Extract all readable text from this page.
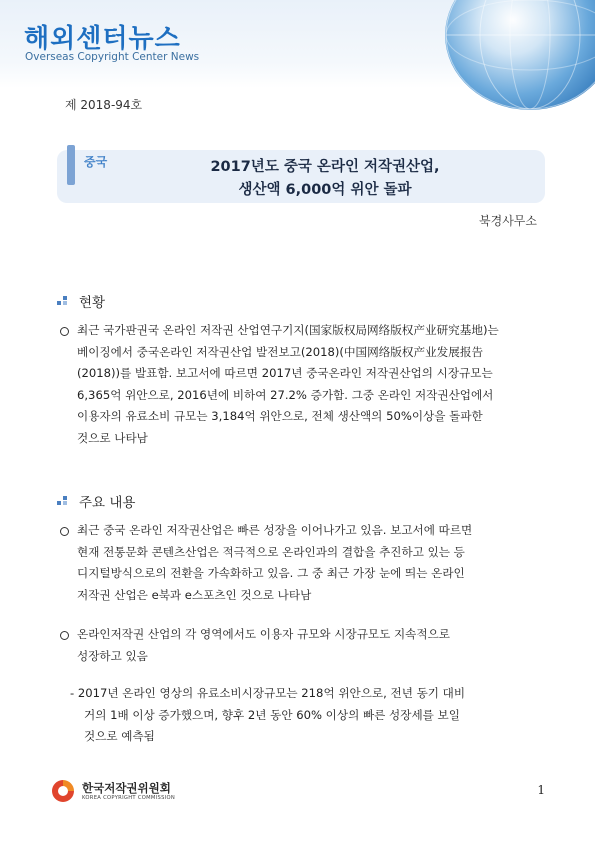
해외센터뉴스
Overseas Copyright Center News
제 2018-94호
중국	2017년도 중국 온라인 저작권산업,
생산액 6,000억 위안 돌파
북경사무소
현황
최근 국가판권국 온라인 저작권 산업연구기지(国家版权局网络版权产业研究基地)는
베이징에서 중국온라인 저작권산업 발전보고(2018)(中国网络版权产业发展报告
(2018))를 발표함. 보고서에 따르면 2017년 중국온라인 저작권산업의 시장규모는
6,365억 위안으로, 2016년에 비하여 27.2% 증가함. 그중 온라인 저작권산업에서
이용자의 유료소비 규모는 3,184억 위안으로, 전체 생산액의 50%이상을 돌파한
것으로 나타남
주요 내용
최근 중국 온라인 저작권산업은 빠른 성장을 이어나가고 있음. 보고서에 따르면
현재 전통문화 콘텐츠산업은 적극적으로 온라인과의 결합을 추진하고 있는 등
디지털방식으로의 전환을 가속화하고 있음. 그 중 최근 가장 눈에 띄는 온라인
저작권 산업은 e북과 e스포츠인 것으로 나타남
온라인저작권 산업의 각 영역에서도 이용자 규모와 시장규모도 지속적으로
성장하고 있음
- 2017년 온라인 영상의 유료소비시장규모는 218억 위안으로, 전년 동기 대비
거의 1배 이상 증가했으며, 향후 2년 동안 60% 이상의 빠른 성장세를 보일
것으로 예측됨
한국저작권위원회
KOREA COPYRIGHT COMMISSION
1
